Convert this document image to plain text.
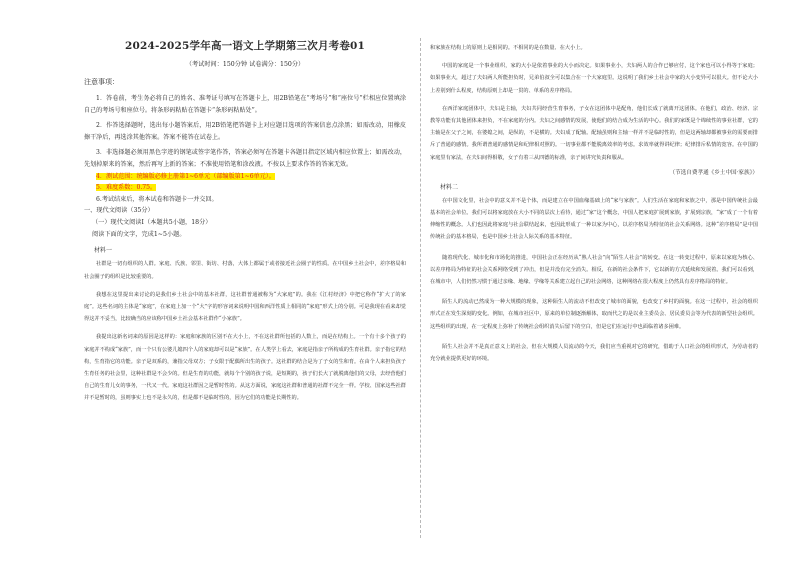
2024-2025学年高一语文上学期第三次月考卷01
（考试时间：150分钟 试卷满分：150分）
注意事项：

1．答卷前，考生务必将自己的姓名、准考证号填写在答题卡上，用2B铅笔在“考场号”和“座位号”栏相应位置填涂自己的考场号和座位号。将条形码粘贴在答题卡“条形码粘贴处”。

2．作答选择题时，选出每小题答案后，用2B铅笔把答题卡上对应题目选项的答案信息点涂黑；如需改动，用橡皮擦干净后，再选涂其他答案。答案不能答在试卷上。

3．非选择题必须用黑色字迹的钢笔或签字笔作答，答案必须写在答题卡各题目指定区域内相应位置上；如需改动，先划掉原来的答案，然后再写上新的答案；不准使用铅笔和涂改液。不按以上要求作答的答案无效。

4．测试范围：统编版必修上册第1~6单元（部编版第1~6单元）。

5．难度系数：0.75。

6.考试结束后，将本试卷和答题卡一并交回。

一、现代文阅读（35分）

（一）现代文阅读Ⅰ（本题共5小题，18分）

阅读下面的文字，完成1~5小题。

材料一

社群是一切有组织的人群。家庭、氏族、邻里、街坊、村落，大体上都属于或者接近社会圈子的性质。在中国乡土社会中，差序格局和社会圈子的组织是比较重要的。

我想在这里提出来讨论的是我们乡土社会中的基本社群，这社群普通被称为“大家庭”的。我在《江村经济》中把它称作“扩大了的家庭”。这些名词的主体是“家庭”，在家庭上加一个“大”字的形容词来说明中国和西洋性质上相同的“家庭”形式上的分别。可是我现在看来却觉得这并不妥当，比较确当的应该称中国乡土社会基本社群作“小家族”。

我提出这新名词来的原因是这样的：家庭和家族的区别不在大小上，不在这社群所包括的人数上，而是在结构上。一个有十多个孩子的家庭并不构成“家族”，而一个只有公婆儿媳四个人的家庭却可以是“家族”。在人类学上看去，家庭是指亲子所构成的生育社群。亲子指它的结构，生育指它的功能。亲子是双系的，兼指父母双方；子女限于配偶所出生的孩子。这社群的结合是为了子女的生和育。在由个人来担负孩子生育任务的社会里，这种社群是不会少的。但是生育的功能，就每个个别的孩子说，是短期的，孩子们长大了就脱离他们的父母，去经营他们自己的生育儿女的事务，一代又一代。家庭这社群因之是暂时性的。从这方面说，家庭这社群和普通的社群不完全一样。学校、国家这些社群并不是暂时的，虽则事实上也不是永久的，但是都不是临时性的，因为它们的功能是长期性的。

和家族在结构上的原则上是相同的。不相同的是在数量、在大小上。

中国的家庭是一个事业组织，家的大小是依着事业的大小而决定。如果事业小，夫妇两人的合作已够应付，这个家也可以小得等于家庭；如果事业大，超过了夫妇两人所能担负时，兄弟伯叔全可以集合在一个大家庭里。这说明了我们乡土社会中家的大小变异可以很大。但不论大小上差别到什么程度，结构原则上却是一贯的、单系的差序格局。

在西洋家庭团体中，夫妇是主轴，夫妇共同经营生育事务，子女在这团体中是配角，他们长成了就离开这团体。在他们，政治、经济、宗教等功能有其他团体来担负，不在家庭的分内。夫妇之间感情的发展，使他们的结合成为生活的中心。我们的家既是个绵续性的事业社群，它的主轴是在父子之间，在婆媳之间，是纵的，不是横的。夫妇成了配轴。配轴虽则和主轴一样并不是临时性的，但是这两轴却都被事业的需要而排斥了普通的感情。我所谓普通的感情是和纪律相对照的。一切事业都不能脱离效率的考虑。求效率就得讲纪律；纪律排斥私情的宽容。在中国的家庭里有家法，在夫妇间得相敬，女子有着三从四德的标准，亲子间讲究负责和服从。

（节选自费孝通《乡土中国·家族》）
材料二

在中国文化里，社会中的意义并不是个体，而是建立在中国血缘基础上的“家与家族”。人们生活在家庭和家族之中，那是中国传统社会最基本的社会单位。我们可以将家庭放在大小不同的层次上看待，通过“家”这个概念，中国人把家庭扩展到家族，扩展到宗族，“家”成了一个有着伸缩性的概念。人们也因此将家庭与社会联结起来，也因此形成了一种以家为中心，以差序格局为特征的社会关系网络。这种“差序格局”是中国传统社会的基本格局，也是中国乡土社会人际关系的基本特征。

随着现代化、城市化和市场化的推进，中国社会正在经历从“熟人社会”向“陌生人社会”的转变。在这一转变过程中，原来以家庭为核心、以差序格局为特征的社会关系网络受到了冲击，但是并没有完全消失。相反，在新的社会条件下，它以新的方式延续和发展着。我们可以看到，在城市中，人们仍然习惯于通过亲缘、地缘、学缘等关系建立起自己的社会网络，这种网络在很大程度上仍然具有差序格局的特征。

陌生人的流动已然成为一种大规模的现象，这种陌生人的流动不但改变了城市的面貌，也改变了乡村的面貌。在这一过程中，社会的组织形式正在发生深刻的变化。例如，在城市社区中，原来的单位制逐渐解体，取而代之的是以业主委员会、居民委员会等为代表的新型社会组织。这些组织的出现，在一定程度上弥补了传统社会组织消失后留下的空白，但是它们在运行中也面临着诸多困难。

陌生人社会并不是真正意义上的社会，但在大规模人员流动的今天，我们应当重视对它的研究，借助于人口社会的组织形式，为劳动者的充分就业提供更好的环境。
